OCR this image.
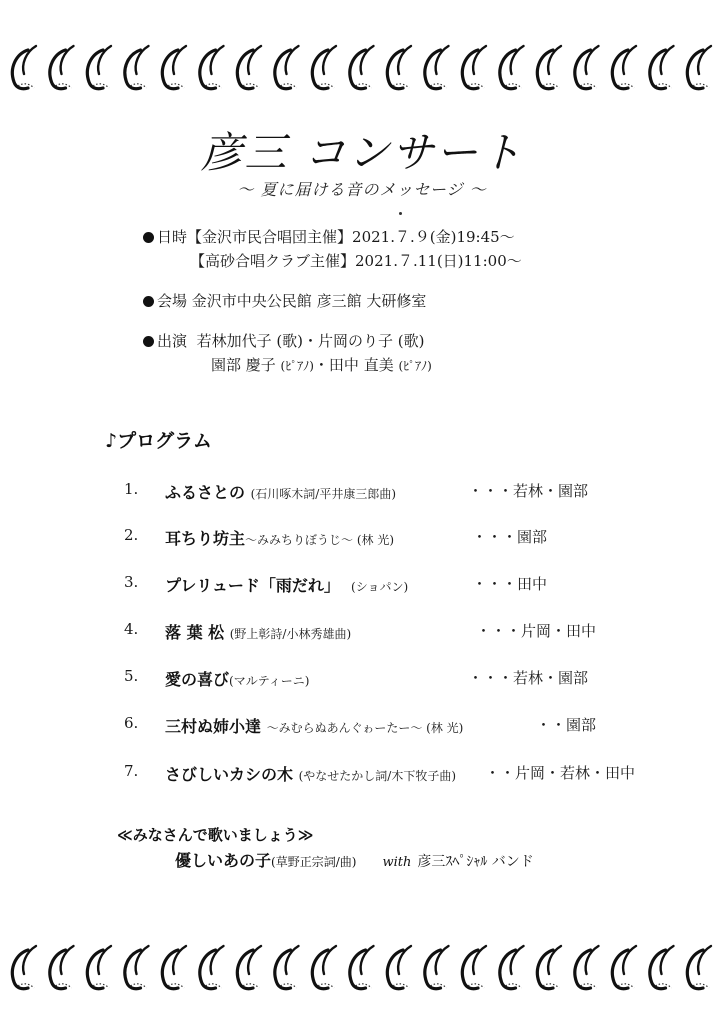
彦三 コンサート
～ 夏に届ける音のメッセージ ～
日時【金沢市民合唱団主催】2021.７.９(金)19:45～
【高砂合唱クラブ主催】2021.７.11(日)11:00～
会場 金沢市中央公民館 彦三館 大研修室
出演 若林加代子 (歌)・片岡のり子 (歌)
園部 慶子 (ﾋﾟｱﾉ)・田中 直美 (ﾋﾟｱﾉ)
♪プログラム
1. ふるさとの (石川啄木詞/平井康三郎曲)	・・・若林・園部
2. 耳ちり坊主～みみちりぼうじ～ (林 光)	・・・園部
3. プレリュード「雨だれ」 (ショパン)	・・・田中
4. 落 葉 松 (野上彰詩/小林秀雄曲)	・・・片岡・田中
5. 愛の喜び(マルティーニ)	・・・若林・園部
6. 三村ぬ姉小達 ～みむらぬあんぐゎーたー～ (林 光)	・・園部
7. さびしいカシの木 (やなせたかし詞/木下牧子曲) ・・片岡・若林・田中
≪みなさんで歌いましょう≫
優しいあの子(草野正宗詞/曲) with 彦三ｽﾍﾟｼｬﾙ バンド
